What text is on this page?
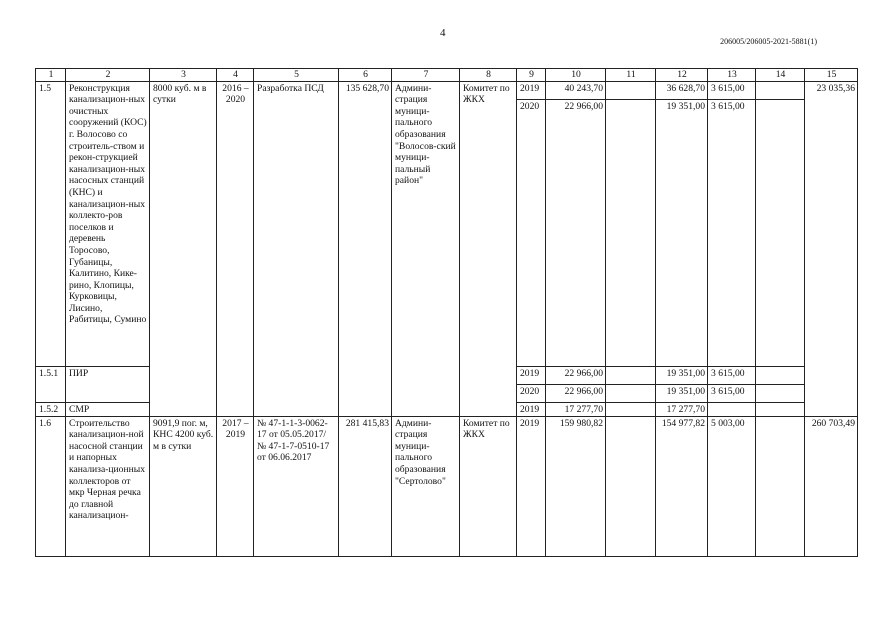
4
206005/206005-2021-5881(1)
1	2	3	4	5	6	7	8	9	10	11	12	13	14	15
1.5	Реконструкция канализацион-ных очистных сооружений (КОС) г. Волосово со строитель-ством и рекон-струкцией канализацион-ных насосных станций (КНС) и канализацион-ных коллекто-ров поселков и деревень Торосово, Губаницы, Калитино, Кике-рино, Клопицы, Курковицы, Лисино, Рабитицы, Сумино	8000 куб. м в сутки	2016 – 2020	Разработка ПСД	135 628,70	Админи-страция муници-пального образования "Волосов-ский муници-пальный район"	Комитет по ЖКХ	2019	40 243,70		36 628,70	3 615,00		23 035,36
								2020	22 966,00		19 351,00	3 615,00		
1.5.1	ПИР							2019	22 966,00		19 351,00	3 615,00		
								2020	22 966,00		19 351,00	3 615,00		
1.5.2	СМР							2019	17 277,70		17 277,70			
1.6	Строительство канализацион-ной насосной станции и напорных канализа-ционных коллекторов от мкр Черная речка до главной канализацион-	9091,9 пог. м, КНС 4200 куб. м в сутки	2017 – 2019	№ 47-1-1-3-0062-17 от 05.05.2017/ № 47-1-7-0510-17 от 06.06.2017	281 415,83	Админи-страция муници-пального образования "Сертолово"	Комитет по ЖКХ	2019	159 980,82		154 977,82	5 003,00		260 703,49
